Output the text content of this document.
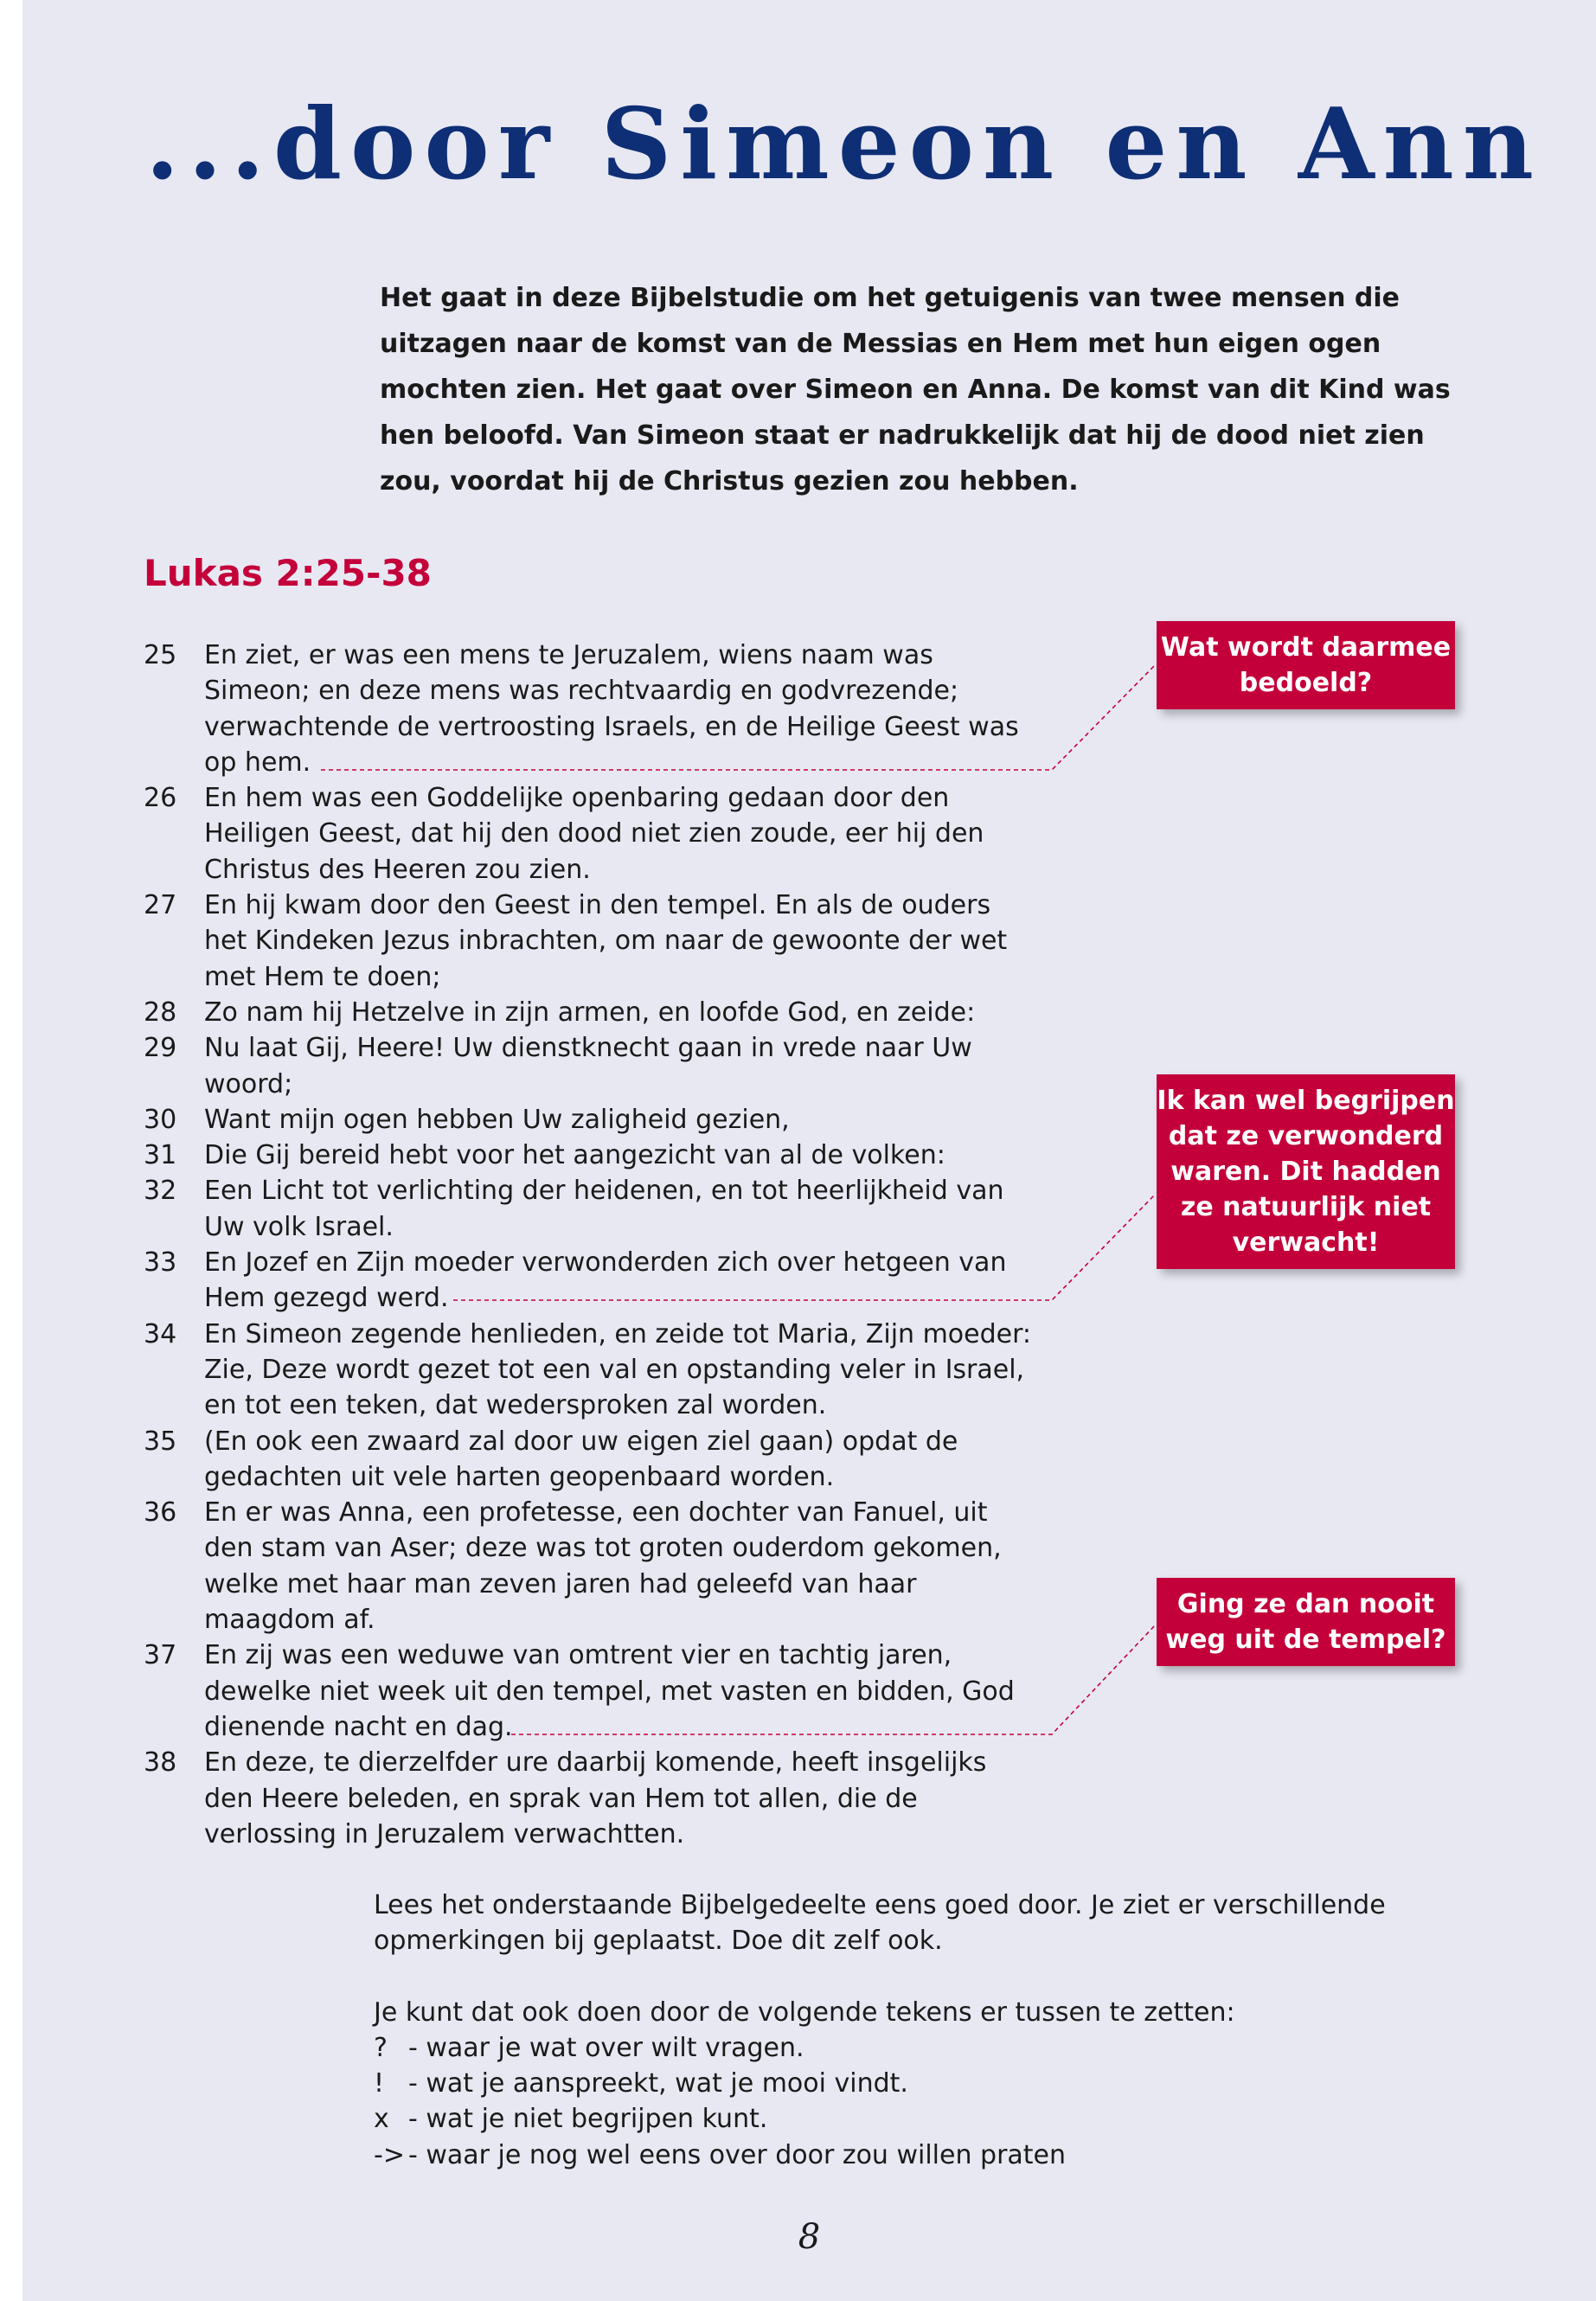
...door Simeon en Ann

Het gaat in deze Bijbelstudie om het getuigenis van twee mensen die uitzagen naar de komst van de Messias en Hem met hun eigen ogen mochten zien. Het gaat over Simeon en Anna. De komst van dit Kind was hen beloofd. Van Simeon staat er nadrukkelijk dat hij de dood niet zien zou, voordat hij de Christus gezien zou hebben.

Lukas 2:25-38
25	En ziet, er was een mens te Jeruzalem, wiens naam was
Simeon; en deze mens was rechtvaardig en godvrezende;
verwachtende de vertroosting Israels, en de Heilige Geest was
op hem.
26	En hem was een Goddelijke openbaring gedaan door den
Heiligen Geest, dat hij den dood niet zien zoude, eer hij den
Christus des Heeren zou zien.
27	En hij kwam door den Geest in den tempel. En als de ouders
het Kindeken Jezus inbrachten, om naar de gewoonte der wet
met Hem te doen;
28	Zo nam hij Hetzelve in zijn armen, en loofde God, en zeide:
29	Nu laat Gij, Heere! Uw dienstknecht gaan in vrede naar Uw
woord;
30	Want mijn ogen hebben Uw zaligheid gezien,
31	Die Gij bereid hebt voor het aangezicht van al de volken:
32	Een Licht tot verlichting der heidenen, en tot heerlijkheid van
Uw volk Israel.
33	En Jozef en Zijn moeder verwonderden zich over hetgeen van
Hem gezegd werd.
34	En Simeon zegende henlieden, en zeide tot Maria, Zijn moeder:
Zie, Deze wordt gezet tot een val en opstanding veler in Israel,
en tot een teken, dat wedersproken zal worden.
35	(En ook een zwaard zal door uw eigen ziel gaan) opdat de
gedachten uit vele harten geopenbaard worden.
36	En er was Anna, een profetesse, een dochter van Fanuel, uit
den stam van Aser; deze was tot groten ouderdom gekomen,
welke met haar man zeven jaren had geleefd van haar
maagdom af.
37	En zij was een weduwe van omtrent vier en tachtig jaren,
dewelke niet week uit den tempel, met vasten en bidden, God
dienende nacht en dag.
38	En deze, te dierzelfder ure daarbij komende, heeft insgelijks
den Heere beleden, en sprak van Hem tot allen, die de
verlossing in Jeruzalem verwachtten.
Wat wordt daarmee bedoeld?
Ik kan wel begrijpen dat ze verwonderd waren. Dit hadden ze natuurlijk niet verwacht!
Ging ze dan nooit weg uit de tempel?

Lees het onderstaande Bijbelgedeelte eens goed door. Je ziet er verschillende opmerkingen bij geplaatst. Doe dit zelf ook.

Je kunt dat ook doen door de volgende tekens er tussen te zetten:

? - waar je wat over wilt vragen.
! - wat je aanspreekt, wat je mooi vindt.
x - wat je niet begrijpen kunt.
-> - waar je nog wel eens over door zou willen praten
8
